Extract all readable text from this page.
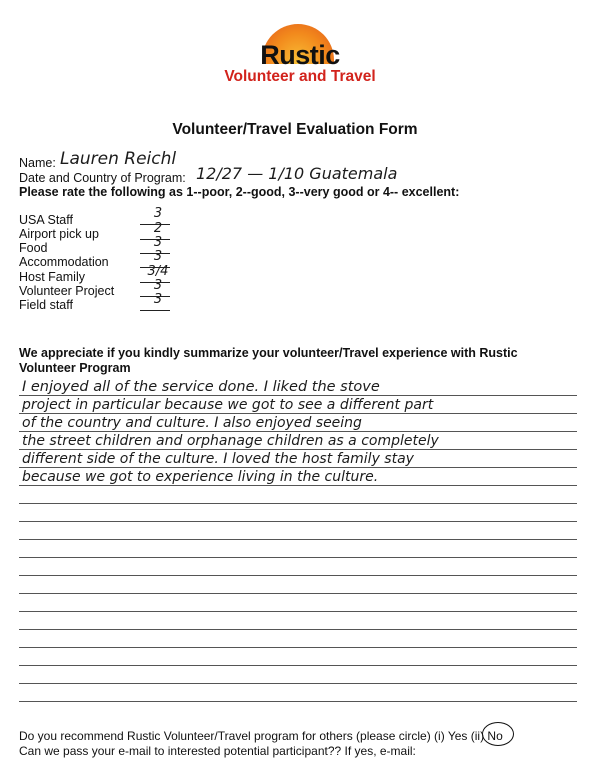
Rustic
Volunteer and Travel
Volunteer/Travel Evaluation Form
Name: Lauren Reichl
Date and Country of Program: 12/27 — 1/10 Guatemala
Please rate the following as 1--poor, 2--good, 3--very good or 4-- excellent:
USA Staff	3
Airport pick up	2
Food	3
Accommodation	3
Host Family	3/4
Volunteer Project	3
Field staff	3
We appreciate if you kindly summarize your volunteer/Travel experience with Rustic
Volunteer Program
I enjoyed all of the service done. I liked the stove
project in particular because we got to see a different part
of the country and culture. I also enjoyed seeing
the street children and orphanage children as a completely
different side of the culture. I loved the host family stay
because we got to experience living in the culture.
Do you recommend Rustic Volunteer/Travel program for others (please circle) (i) Yes (ii) No
Can we pass your e-mail to interested potential participant?? If yes, e-mail:
